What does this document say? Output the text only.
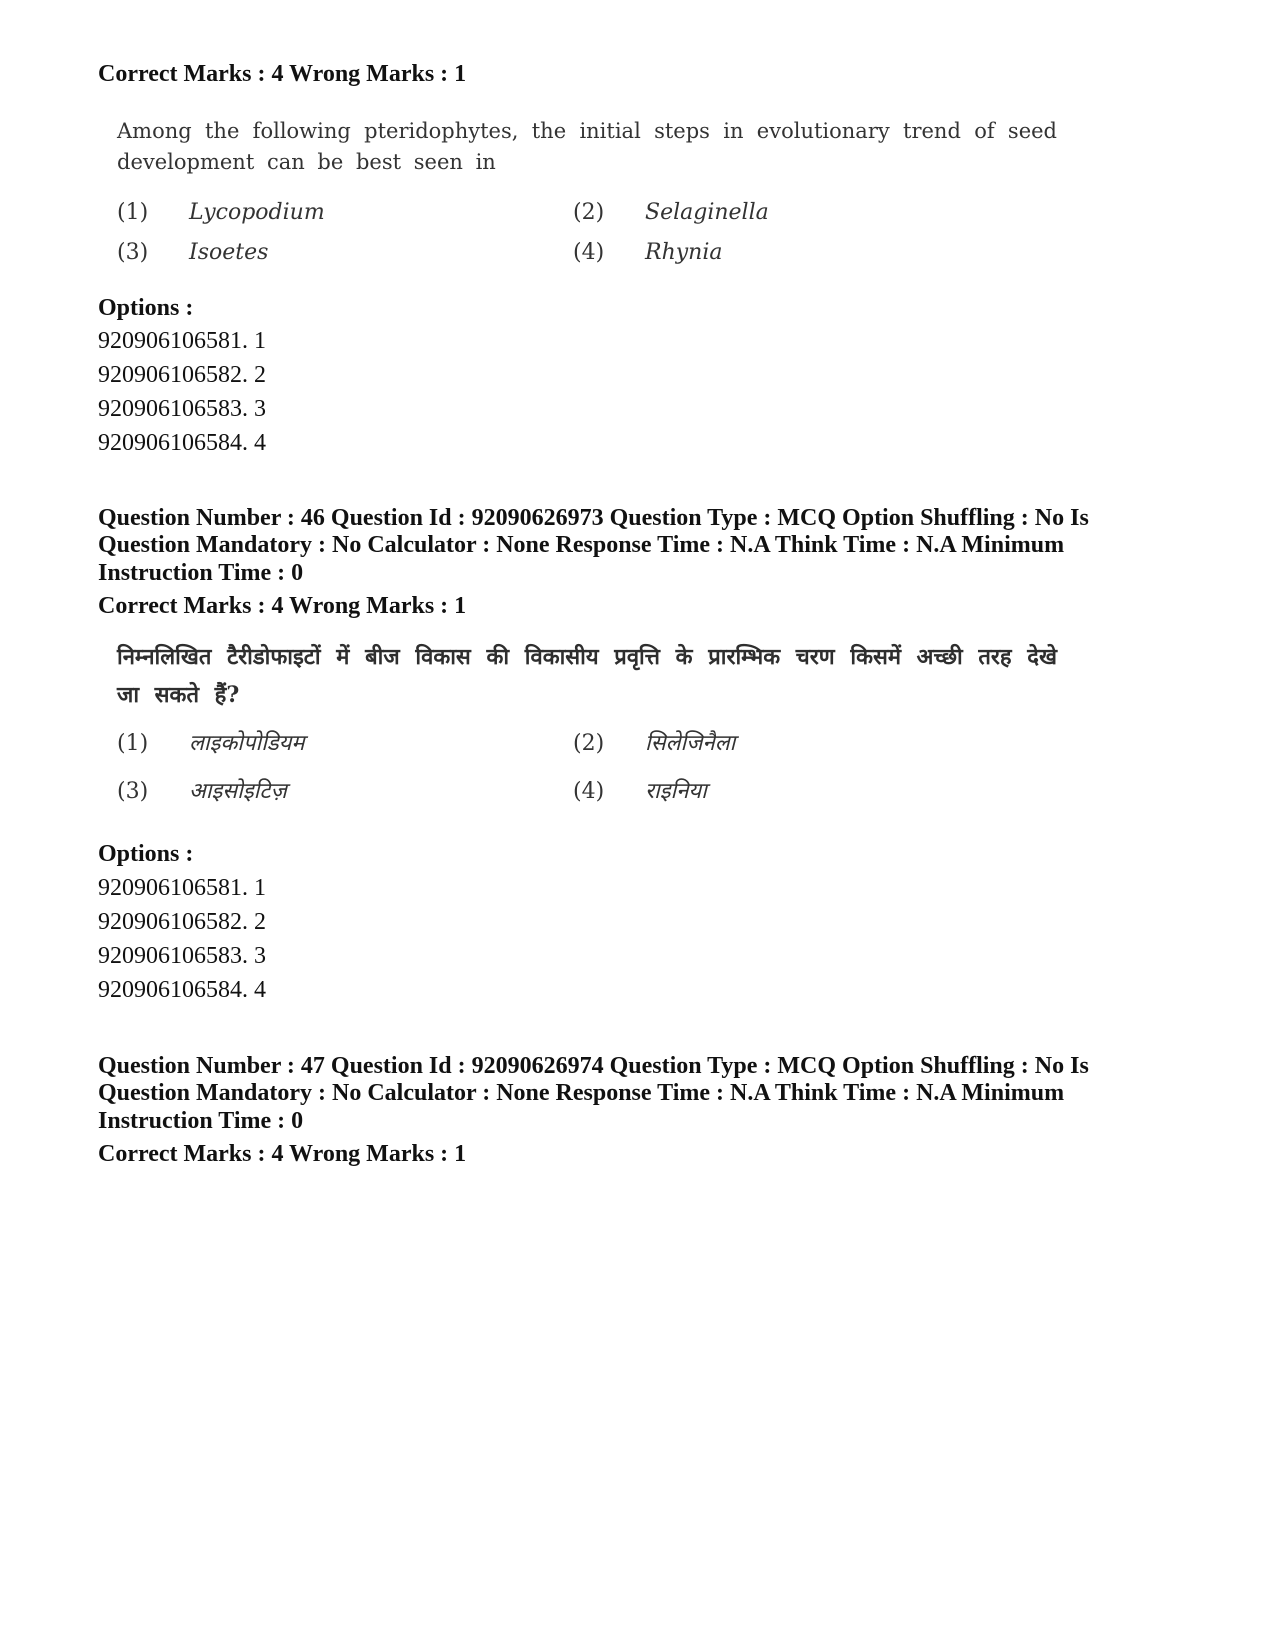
Correct Marks : 4 Wrong Marks : 1
Among the following pteridophytes, the initial steps in evolutionary trend of seed development can be best seen in
(1) Lycopodium	(2) Selaginella
(3) Isoetes	(4) Rhynia
Options :
920906106581. 1
920906106582. 2
920906106583. 3
920906106584. 4
Question Number : 46 Question Id : 92090626973 Question Type : MCQ Option Shuffling : No Is
Question Mandatory : No Calculator : None Response Time : N.A Think Time : N.A Minimum
Instruction Time : 0
Correct Marks : 4 Wrong Marks : 1
निम्नलिखित टैरीडोफाइटों में बीज विकास की विकासीय प्रवृत्ति के प्रारम्भिक चरण किसमें अच्छी तरह देखे जा सकते हैं?
(1) लाइकोपोडियम	(2) सिलेजिनैला
(3) आइसोइटिज़	(4) राइनिया
Options :
920906106581. 1
920906106582. 2
920906106583. 3
920906106584. 4
Question Number : 47 Question Id : 92090626974 Question Type : MCQ Option Shuffling : No Is
Question Mandatory : No Calculator : None Response Time : N.A Think Time : N.A Minimum
Instruction Time : 0
Correct Marks : 4 Wrong Marks : 1
